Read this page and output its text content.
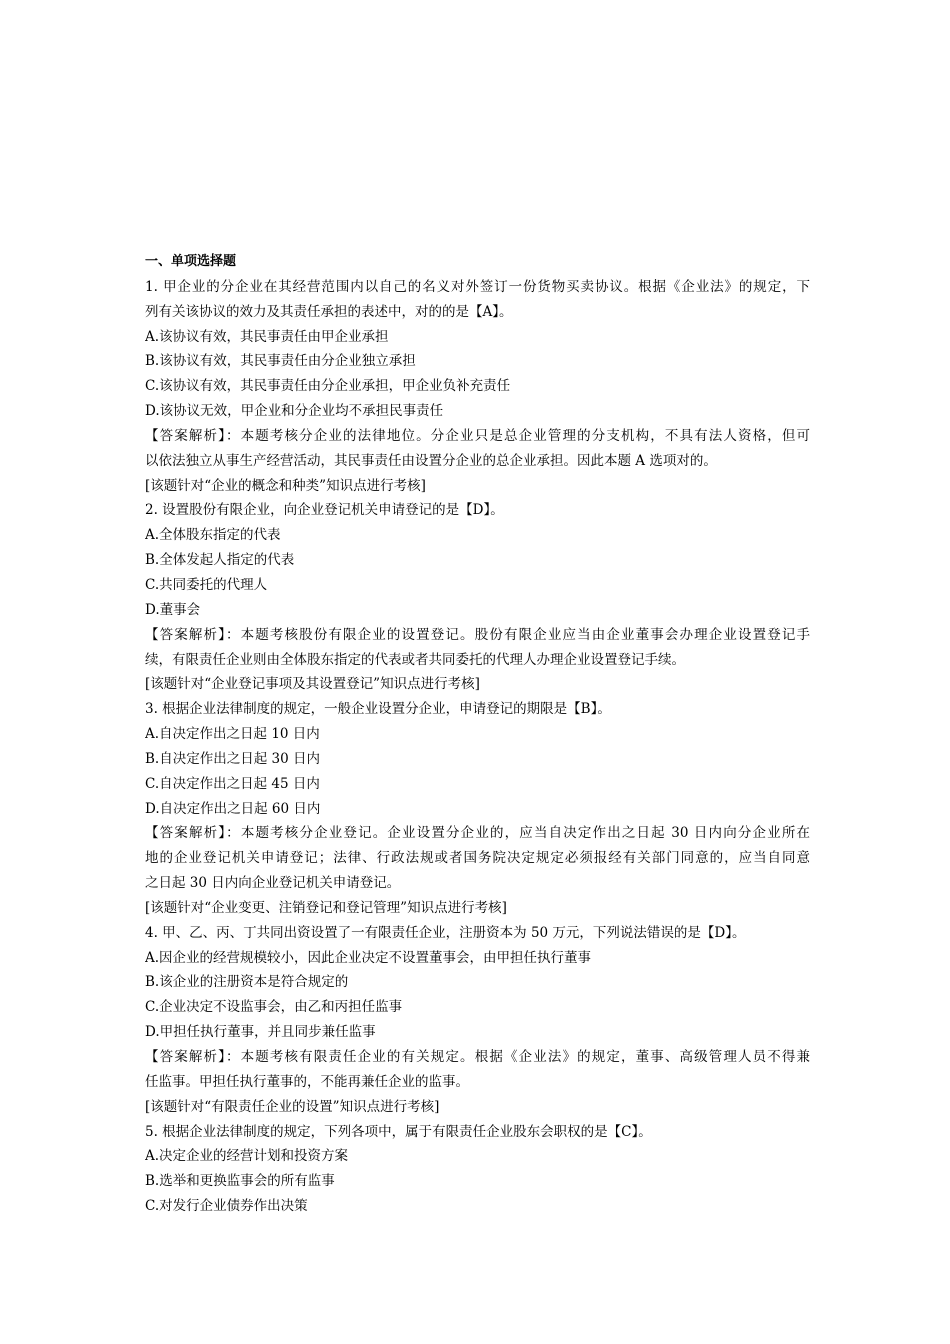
一、单项选择题
1. 甲企业的分企业在其经营范围内以自己的名义对外签订一份货物买卖协议。根据《企业法》的规定，下
列有关该协议的效力及其责任承担的表述中，对的的是【A】。
A.该协议有效，其民事责任由甲企业承担
B.该协议有效，其民事责任由分企业独立承担
C.该协议有效，其民事责任由分企业承担，甲企业负补充责任
D.该协议无效，甲企业和分企业均不承担民事责任
【答案解析】：本题考核分企业的法律地位。分企业只是总企业管理的分支机构，不具有法人资格，但可
以依法独立从事生产经营活动，其民事责任由设置分企业的总企业承担。因此本题 A 选项对的。
[该题针对“企业的概念和种类”知识点进行考核]
2. 设置股份有限企业，向企业登记机关申请登记的是【D】。
A.全体股东指定的代表
B.全体发起人指定的代表
C.共同委托的代理人
D.董事会
【答案解析】：本题考核股份有限企业的设置登记。股份有限企业应当由企业董事会办理企业设置登记手
续，有限责任企业则由全体股东指定的代表或者共同委托的代理人办理企业设置登记手续。
[该题针对“企业登记事项及其设置登记”知识点进行考核]
3. 根据企业法律制度的规定，一般企业设置分企业，申请登记的期限是【B】。
A.自决定作出之日起 10 日内
B.自决定作出之日起 30 日内
C.自决定作出之日起 45 日内
D.自决定作出之日起 60 日内
【答案解析】：本题考核分企业登记。企业设置分企业的，应当自决定作出之日起 30 日内向分企业所在
地的企业登记机关申请登记；法律、行政法规或者国务院决定规定必须报经有关部门同意的，应当自同意
之日起 30 日内向企业登记机关申请登记。
[该题针对“企业变更、注销登记和登记管理”知识点进行考核]
4. 甲、乙、丙、丁共同出资设置了一有限责任企业，注册资本为 50 万元，下列说法错误的是【D】。
A.因企业的经营规模较小，因此企业决定不设置董事会，由甲担任执行董事
B.该企业的注册资本是符合规定的
C.企业决定不设监事会，由乙和丙担任监事
D.甲担任执行董事，并且同步兼任监事
【答案解析】：本题考核有限责任企业的有关规定。根据《企业法》的规定，董事、高级管理人员不得兼
任监事。甲担任执行董事的，不能再兼任企业的监事。
[该题针对“有限责任企业的设置”知识点进行考核]
5. 根据企业法律制度的规定，下列各项中，属于有限责任企业股东会职权的是【C】。
A.决定企业的经营计划和投资方案
B.选举和更换监事会的所有监事
C.对发行企业债券作出决策
